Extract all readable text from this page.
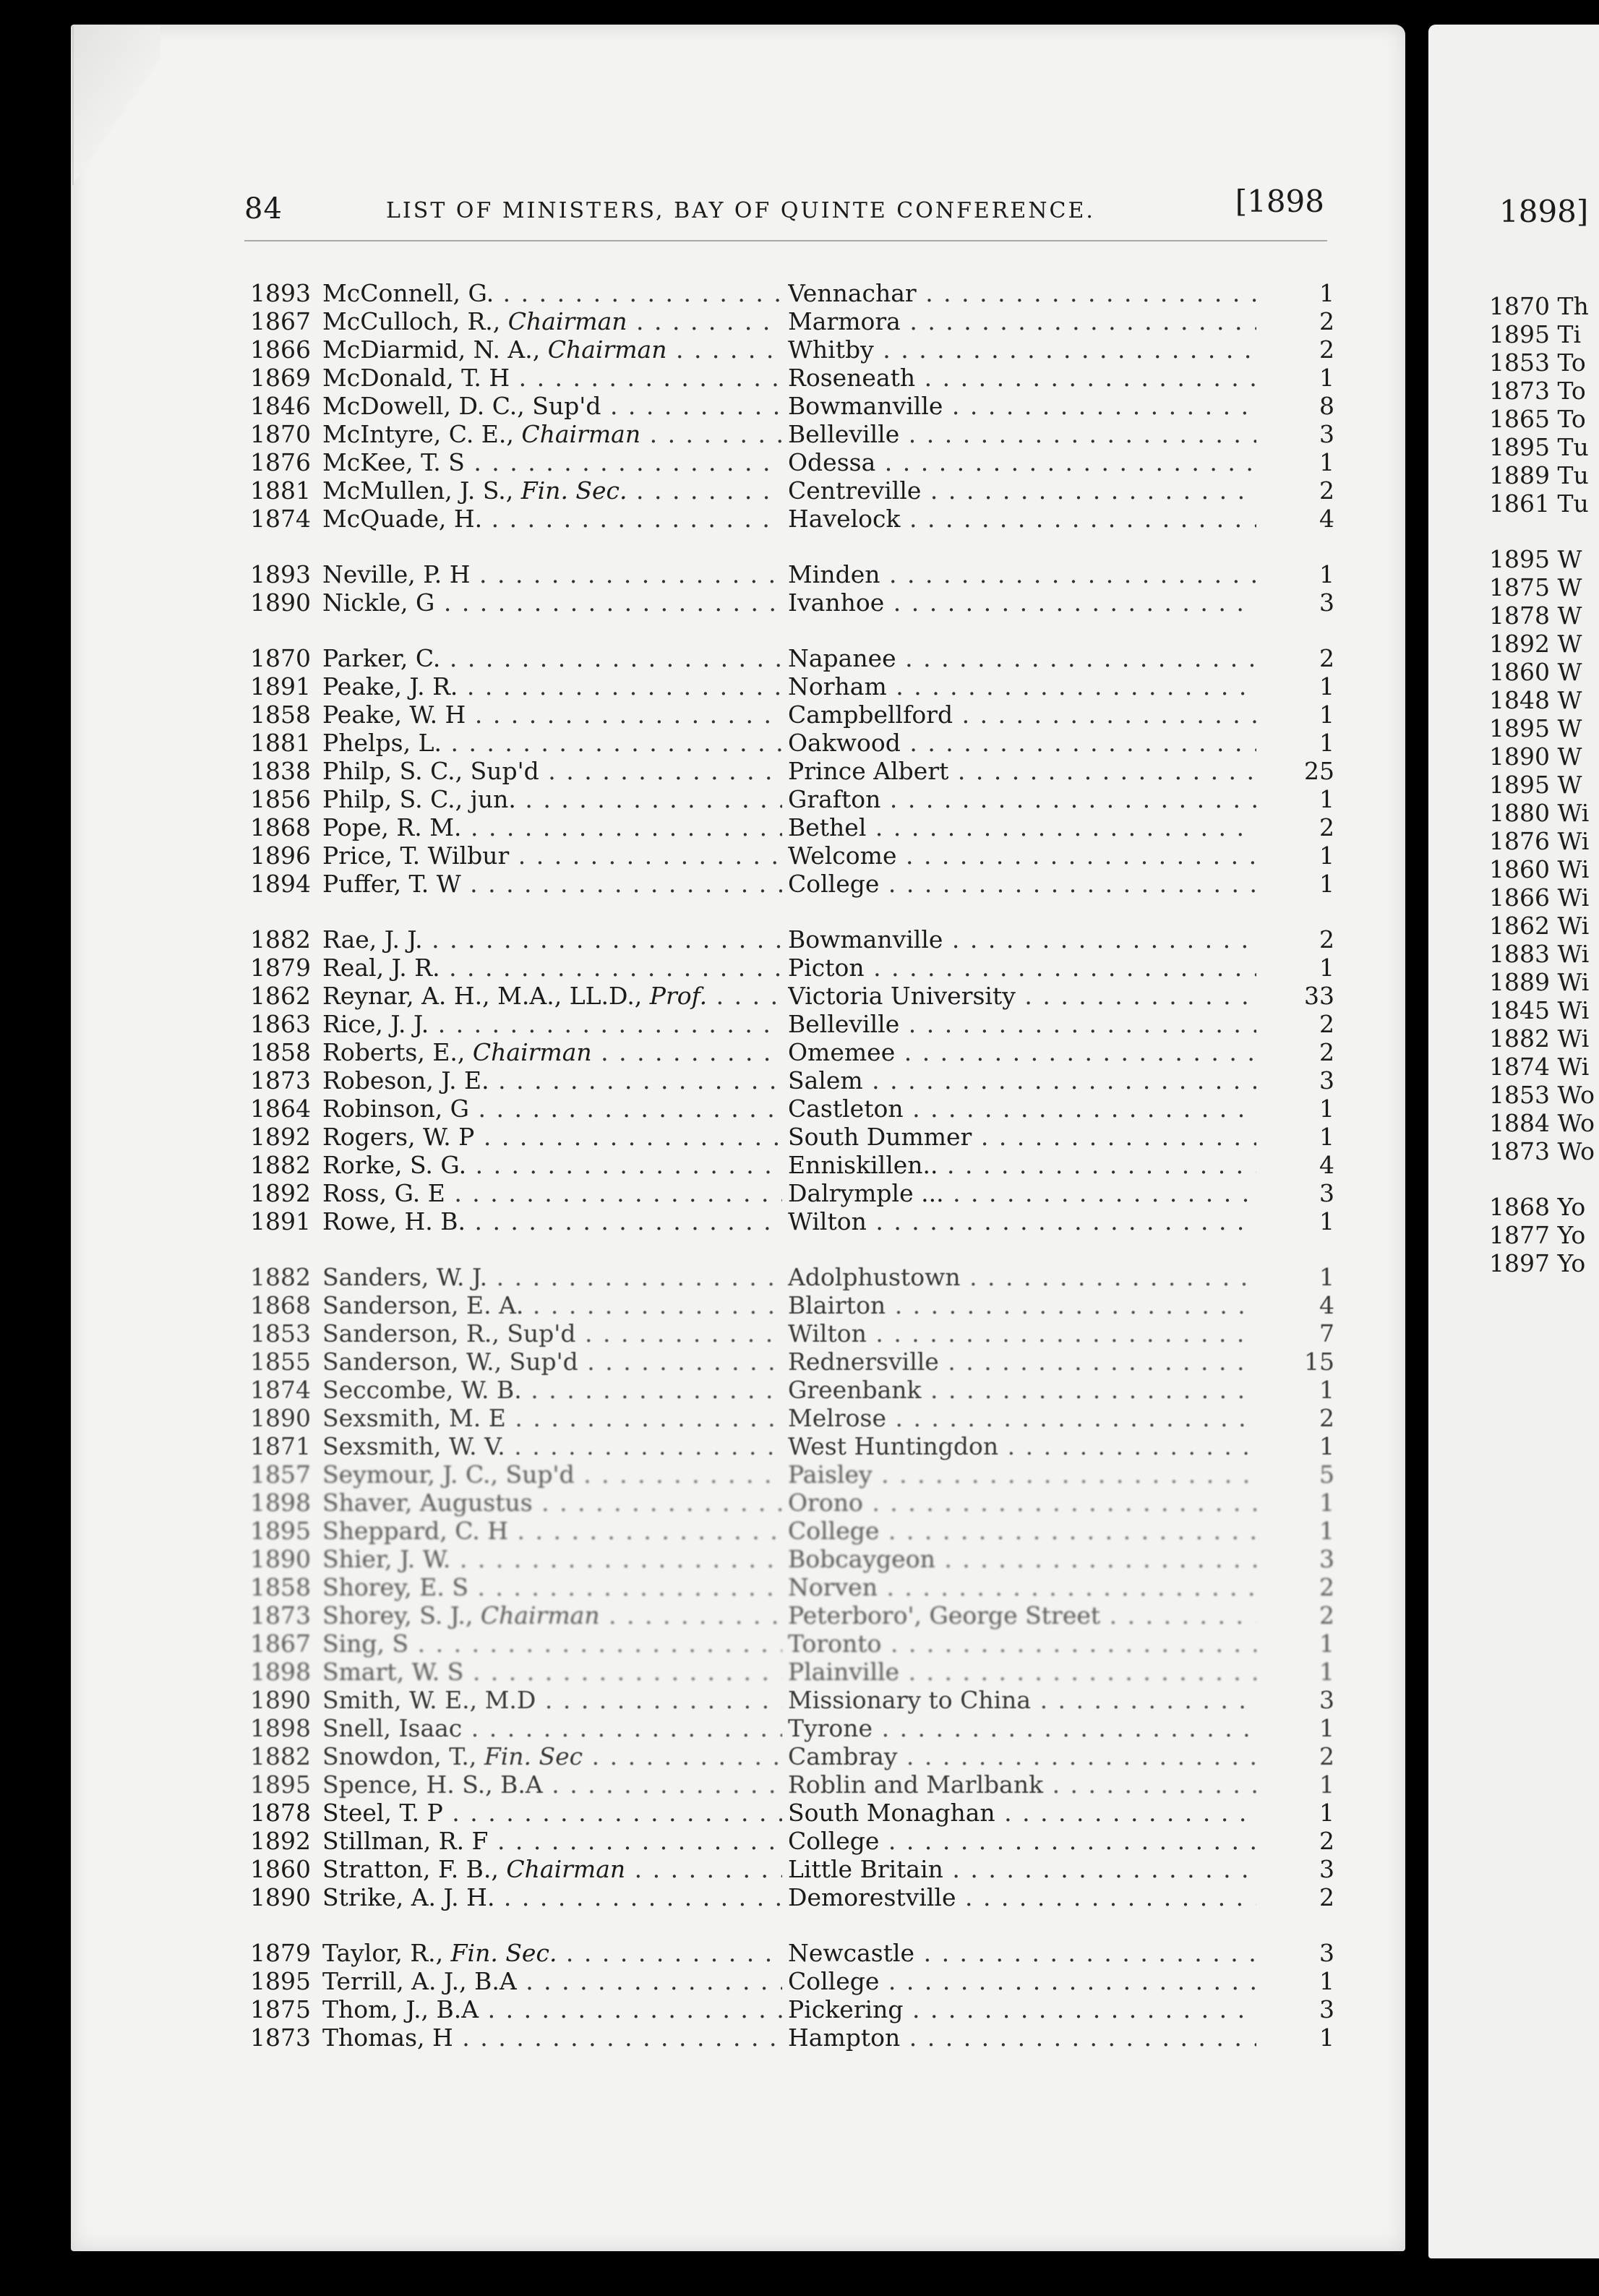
84	LIST OF MINISTERS, BAY OF QUINTE CONFERENCE.	[1898
1893 McConnell, G. . . .	Vennachar . . .	1
1867 McCulloch, R., Chairman . . .	Marmora . . .	2
1866 McDiarmid, N. A., Chairman . . .	Whitby . . .	2
1869 McDonald, T. H . . .	Roseneath . . .	1
1846 McDowell, D. C., Sup'd . . .	Bowmanville . . .	8
1870 McIntyre, C. E., Chairman . . .	Belleville . . .	3
1876 McKee, T. S . . .	Odessa . . .	1
1881 McMullen, J. S., Fin. Sec. . . .	Centreville . . .	2
1874 McQuade, H. . . .	Havelock . . .	4
1893 Neville, P. H . . .	Minden . . .	1
1890 Nickle, G . . .	Ivanhoe . . .	3
1870 Parker, C. . . .	Napanee . . .	2
1891 Peake, J. R. . . .	Norham . . .	1
1858 Peake, W. H . . .	Campbellford . . .	1
1881 Phelps, L. . . .	Oakwood . . .	1
1838 Philp, S. C., Sup'd . . .	Prince Albert . . .	25
1856 Philp, S. C., jun. . . .	Grafton . . .	1
1868 Pope, R. M. . . .	Bethel . . .	2
1896 Price, T. Wilbur . . .	Welcome . . .	1
1894 Puffer, T. W . . .	College . . .	1
1882 Rae, J. J. . . .	Bowmanville . . .	2
1879 Real, J. R. . . .	Picton . . .	1
1862 Reynar, A. H., M.A., LL.D., Prof. . . .	Victoria University . . .	33
1863 Rice, J. J. . . .	Belleville . . .	2
1858 Roberts, E., Chairman . . .	Omemee . . .	2
1873 Robeson, J. E. . . .	Salem . . .	3
1864 Robinson, G . . .	Castleton . . .	1
1892 Rogers, W. P . . .	South Dummer . . .	1
1882 Rorke, S. G. . . .	Enniskillen.. . . .	4
1892 Ross, G. E . . .	Dalrymple ... . . .	3
1891 Rowe, H. B. . . .	Wilton . . .	1
1882 Sanders, W. J. . . .	Adolphustown . . .	1
1868 Sanderson, E. A. . . .	Blairton . . .	4
1853 Sanderson, R., Sup'd . . .	Wilton . . .	7
1855 Sanderson, W., Sup'd . . .	Rednersville . . .	15
1874 Seccombe, W. B. . . .	Greenbank . . .	1
1890 Sexsmith, M. E . . .	Melrose . . .	2
1871 Sexsmith, W. V. . . .	West Huntingdon . . .	1
1857 Seymour, J. C., Sup'd . . .	Paisley . . .	5
1898 Shaver, Augustus . . .	Orono . . .	1
1895 Sheppard, C. H . . .	College . . .	1
1890 Shier, J. W. . . .	Bobcaygeon . . .	3
1858 Shorey, E. S . . .	Norven . . .	2
1873 Shorey, S. J., Chairman . . .	Peterboro', George Street . . .	2
1867 Sing, S . . .	Toronto . . .	1
1898 Smart, W. S . . .	Plainville . . .	1
1890 Smith, W. E., M.D . . .	Missionary to China . . .	3
1898 Snell, Isaac . . .	Tyrone . . .	1
1882 Snowdon, T., Fin. Sec . . .	Cambray . . .	2
1895 Spence, H. S., B.A . . .	Roblin and Marlbank . . .	1
1878 Steel, T. P . . .	South Monaghan . . .	1
1892 Stillman, R. F . . .	College . . .	2
1860 Stratton, F. B., Chairman . . .	Little Britain . . .	3
1890 Strike, A. J. H. . . .	Demorestville . . .	2
1879 Taylor, R., Fin. Sec. . . .	Newcastle . . .	3
1895 Terrill, A. J., B.A . . .	College . . .	1
1875 Thom, J., B.A . . .	Pickering . . .	3
1873 Thomas, H . . .	Hampton . . .	1
1898]
1870 Th
1895 Ti
1853 To
1873 To
1865 To
1895 Tu
1889 Tu
1861 Tu
1895 W
1875 W
1878 W
1892 W
1860 W
1848 W
1895 W
1890 W
1895 W
1880 Wi
1876 Wi
1860 Wi
1866 Wi
1862 Wi
1883 Wi
1889 Wi
1845 Wi
1882 Wi
1874 Wi
1853 Wo
1884 Wo
1873 Wo
1868 Yo
1877 Yo
1897 Yo
